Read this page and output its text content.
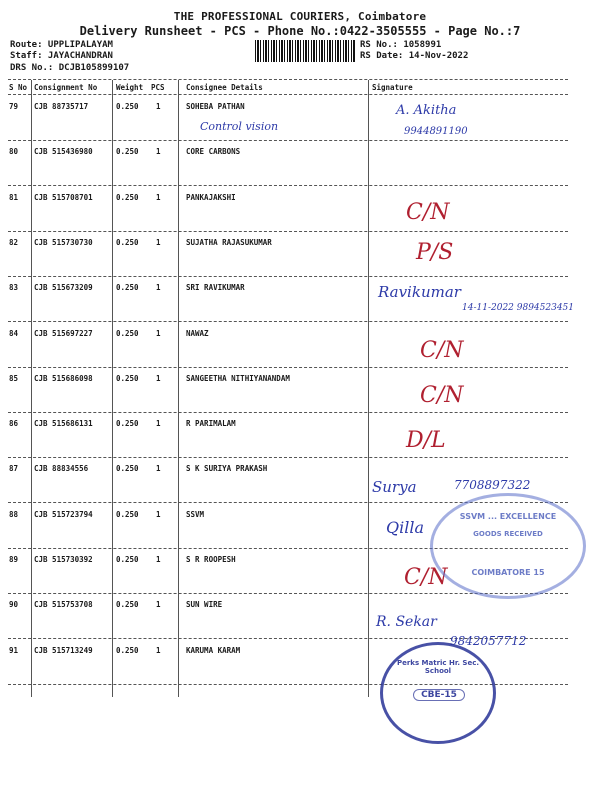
THE PROFESSIONAL COURIERS, Coimbatore
Delivery Runsheet - PCS - Phone No.:0422-3505555 - Page No.:7
Route: UPPLIPALAYAM
Staff: JAYACHANDRAN
DRS No.: DCJB105899107
RS No.: 1058991
RS Date: 14-Nov-2022
S No Consignment No	Weight PCS	Consignee Details	Signature
79 CJB 88735717	0.250 1	SOHEBA PATHAN	A. Akitha
9944891190
Control vision
80 CJB 515436980	0.250 1	CORE CARBONS
81 CJB 515708701	0.250 1	PANKAJAKSHI
C/N
82 CJB 515730730	0.250 1	SUJATHA RAJASUKUMAR	P/S
83 CJB 515673209	0.250 1	SRI RAVIKUMAR	Ravikumar
14-11-2022 9894523451
84 CJB 515697227	0.250 1	NAWAZ
C/N
85 CJB 515686098	0.250 1	SANGEETHA NITHIYANANDAM
C/N
86 CJB 515686131	0.250 1	R PARIMALAM
D/L
87 CJB 88834556	0.250 1	S K SURIYA PRAKASH
Surya	7708897322
88 CJB 515723794	0.250 1	SSVM
Qilla
89 CJB 515730392	0.250 1	S R ROOPESH
C/N
90 CJB 515753708	0.250 1	SUN WIRE
R. Sekar
9842057712
91 CJB 515713249	0.250 1	KARUMA KARAM
SSVM ... EXCELLENCE
GOODS RECEIVED
COIMBATORE 15
Perks Matric Hr. Sec. School
CBE-15
